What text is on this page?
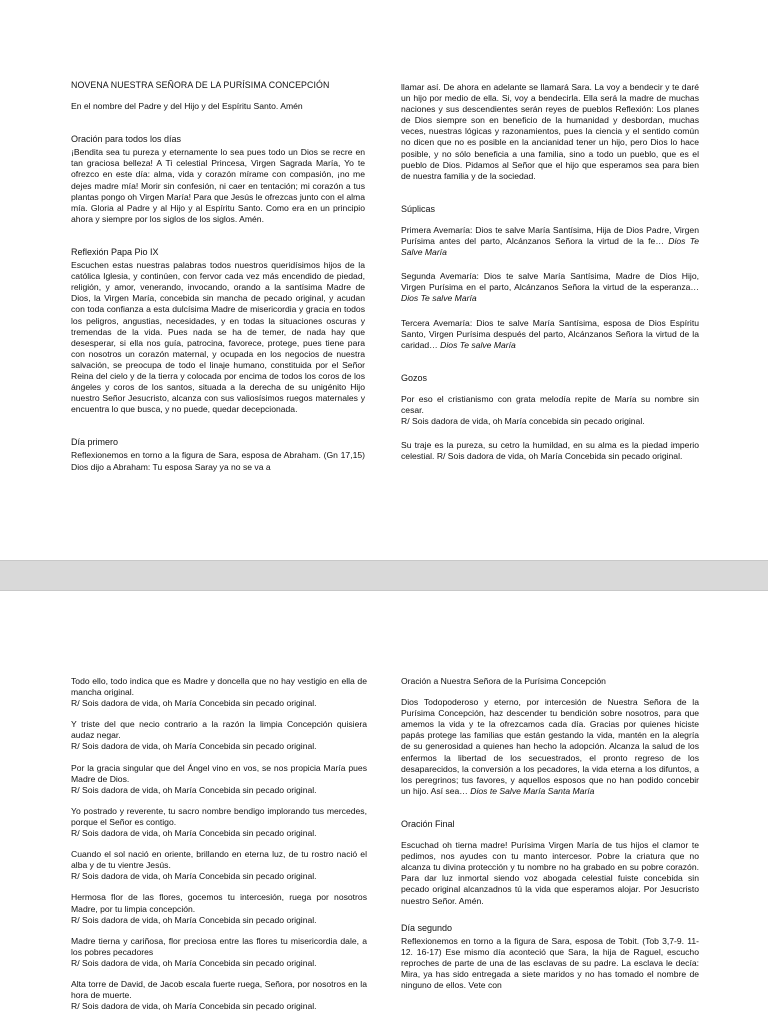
NOVENA NUESTRA SEÑORA DE LA PURÍSIMA CONCEPCIÓN

En el nombre del Padre y del Hijo y del Espíritu Santo. Amén

Oración para todos los días

¡Bendita sea tu pureza y eternamente lo sea pues todo un Dios se recre en tan graciosa belleza! A Ti celestial Princesa, Virgen Sagrada María, Yo te ofrezco en este día: alma, vida y corazón mírame con compasión, ¡no me dejes madre mía! Morir sin confesión, ni caer en tentación; mi corazón a tus plantas pongo oh Virgen María! Para que Jesús le ofrezcas junto con el alma mía. Gloria al Padre y al Hijo y al Espíritu Santo. Como era en un principio ahora y siempre por los siglos de los siglos. Amén.

Reflexión Papa Pio IX

Escuchen estas nuestras palabras todos nuestros queridísimos hijos de la católica Iglesia, y continúen, con fervor cada vez más encendido de piedad, religión, y amor, venerando, invocando, orando a la santísima Madre de Dios, la Virgen María, concebida sin mancha de pecado original, y acudan con toda confianza a esta dulcísima Madre de misericordia y gracia en todos los peligros, angustias, necesidades, y en todas la situaciones oscuras y tremendas de la vida. Pues nada se ha de temer, de nada hay que desesperar, si ella nos guía, patrocina, favorece, protege, pues tiene para con nosotros un corazón maternal, y ocupada en los negocios de nuestra salvación, se preocupa de todo el linaje humano, constituida por el Señor Reina del cielo y de la tierra y colocada por encima de todos los coros de los ángeles y coros de los santos, situada a la derecha de su unigénito Hijo nuestro Señor Jesucristo, alcanza con sus valiosísimos ruegos maternales y encuentra lo que busca, y no puede, quedar decepcionada.

Día primero

Reflexionemos en torno a la figura de Sara, esposa de Abraham. (Gn 17,15) Dios dijo a Abraham: Tu esposa Saray ya no se va a

llamar así. De ahora en adelante se llamará Sara. La voy a bendecir y te daré un hijo por medio de ella. Si, voy a bendecirla. Ella será la madre de muchas naciones y sus descendientes serán reyes de pueblos Reflexión: Los planes de Dios siempre son en beneficio de la humanidad y desbordan, muchas veces, nuestras lógicas y razonamientos, pues la ciencia y el sentido común no dicen que no es posible en la ancianidad tener un hijo, pero Dios lo hace posible, y no sólo beneficia a una familia, sino a todo un pueblo, que es el pueblo de Dios. Pidamos al Señor que el hijo que esperamos sea para bien de nuestra familia y de la sociedad.

Súplicas

Primera Avemaría: Dios te salve María Santísima, Hija de Dios Padre, Virgen Purísima antes del parto, Alcánzanos Señora la virtud de la fe… Dios Te Salve María

Segunda Avemaría: Dios te salve María Santísima, Madre de Dios Hijo, Virgen Purísima en el parto, Alcánzanos Señora la virtud de la esperanza… Dios Te salve María

Tercera Avemaría: Dios te salve María Santísima, esposa de Dios Espíritu Santo, Virgen Purísima después del parto, Alcánzanos Señora la virtud de la caridad… Dios Te salve María

Gozos

Por eso el cristianismo con grata melodía repite de María su nombre sin cesar.

R/ Sois dadora de vida, oh María concebida sin pecado original.

Su traje es la pureza, su cetro la humildad, en su alma es la piedad imperio celestial. R/ Sois dadora de vida, oh María Concebida sin pecado original.

Todo ello, todo indica que es Madre y doncella que no hay vestigio en ella de mancha original.

R/ Sois dadora de vida, oh María Concebida sin pecado original.

Y triste del que necio contrario a la razón la limpia Concepción quisiera audaz negar.

R/ Sois dadora de vida, oh María Concebida sin pecado original.

Por la gracia singular que del Ángel vino en vos, se nos propicia María pues Madre de Dios.

R/ Sois dadora de vida, oh María Concebida sin pecado original.

Yo postrado y reverente, tu sacro nombre bendigo implorando tus mercedes, porque el Señor es contigo.

R/ Sois dadora de vida, oh María Concebida sin pecado original.

Cuando el sol nació en oriente, brillando en eterna luz, de tu rostro nació el alba y de tu vientre Jesús.

R/ Sois dadora de vida, oh María Concebida sin pecado original.

Hermosa flor de las flores, gocemos tu intercesión, ruega por nosotros Madre, por tu limpia concepción.

R/ Sois dadora de vida, oh María Concebida sin pecado original.

Madre tierna y cariñosa, flor preciosa entre las flores tu misericordia dale, a los pobres pecadores

R/ Sois dadora de vida, oh María Concebida sin pecado original.

Alta torre de David, de Jacob escala fuerte ruega, Señora, por nosotros en la hora de muerte.

R/ Sois dadora de vida, oh María Concebida sin pecado original.

Oración a Nuestra Señora de la Purísima Concepción

Dios Todopoderoso y eterno, por intercesión de Nuestra Señora de la Purísima Concepción, haz descender tu bendición sobre nosotros, para que amemos la vida y te la ofrezcamos cada día. Gracias por quienes hiciste papás protege las familias que están gestando la vida, mantén en la alegría de su generosidad a quienes han hecho la adopción. Alcanza la salud de los enfermos la libertad de los secuestrados, el pronto regreso de los desaparecidos, la conversión a los pecadores, la vida eterna a los difuntos, a los peregrinos; tus favores, y aquellos esposos que no han podido concebir un hijo. Así sea… Dios te Salve María Santa María

Oración Final

Escuchad oh tierna madre! Purísima Virgen María de tus hijos el clamor te pedimos, nos ayudes con tu manto intercesor. Pobre la criatura que no alcanza tu divina protección y tu nombre no ha grabado en su pobre corazón. Para dar luz inmortal siendo voz abogada celestial fuiste concebida sin pecado original alcanzadnos tú la vida que esperamos alojar. Por Jesucristo nuestro Señor. Amén.

Día segundo

Reflexionemos en torno a la figura de Sara, esposa de Tobit. (Tob 3,7-9. 11-12. 16-17) Ese mismo día aconteció que Sara, la hija de Raguel, escucho reproches de parte de una de las esclavas de su padre. La esclava le decía: Mira, ya has sido entregada a siete maridos y no has tomado el nombre de ninguno de ellos. Vete con
